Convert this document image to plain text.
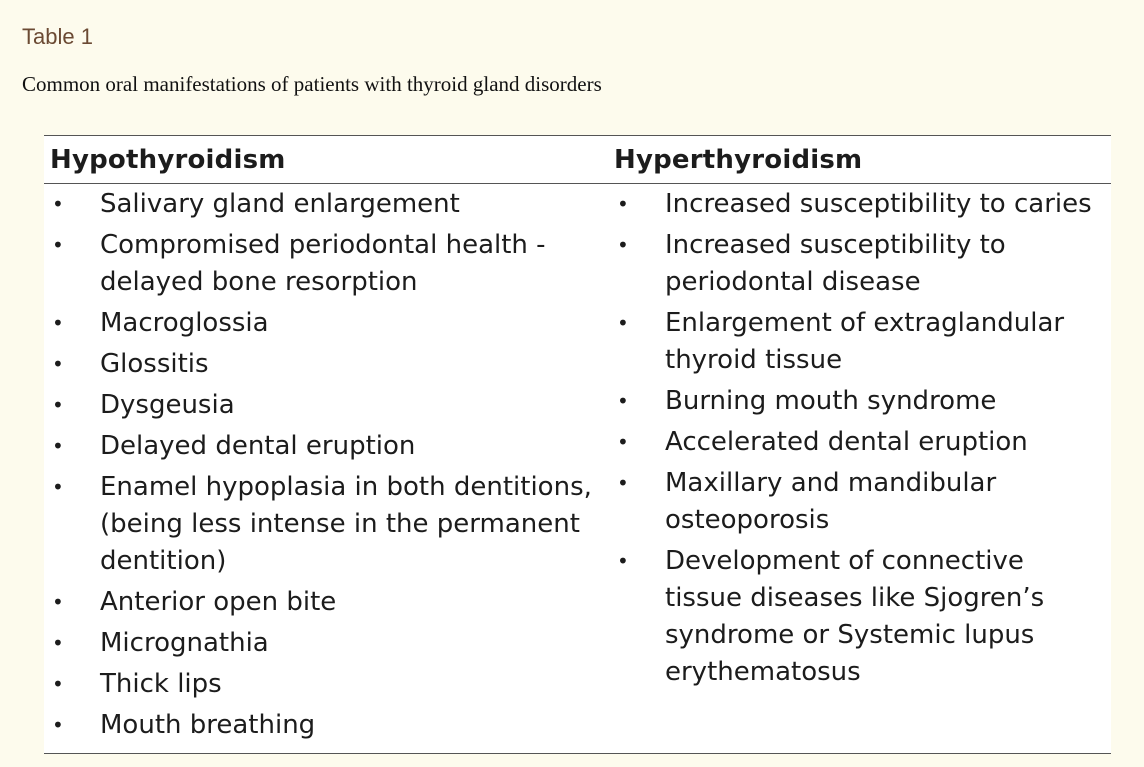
Table 1
Common oral manifestations of patients with thyroid gland disorders
Hypothyroidism	Hyperthyroidism
• Salivary gland enlargement
• Compromised periodontal health - delayed bone resorption
• Macroglossia
• Glossitis
• Dysgeusia
• Delayed dental eruption
• Enamel hypoplasia in both dentitions, (being less intense in the permanent dentition)
• Anterior open bite
• Micrognathia
• Thick lips
• Mouth breathing
• Increased susceptibility to caries
• Increased susceptibility to periodontal disease
• Enlargement of extraglandular thyroid tissue
• Burning mouth syndrome
• Accelerated dental eruption
• Maxillary and mandibular osteoporosis
• Development of connective tissue diseases like Sjogren’s syndrome or Systemic lupus erythematosus
